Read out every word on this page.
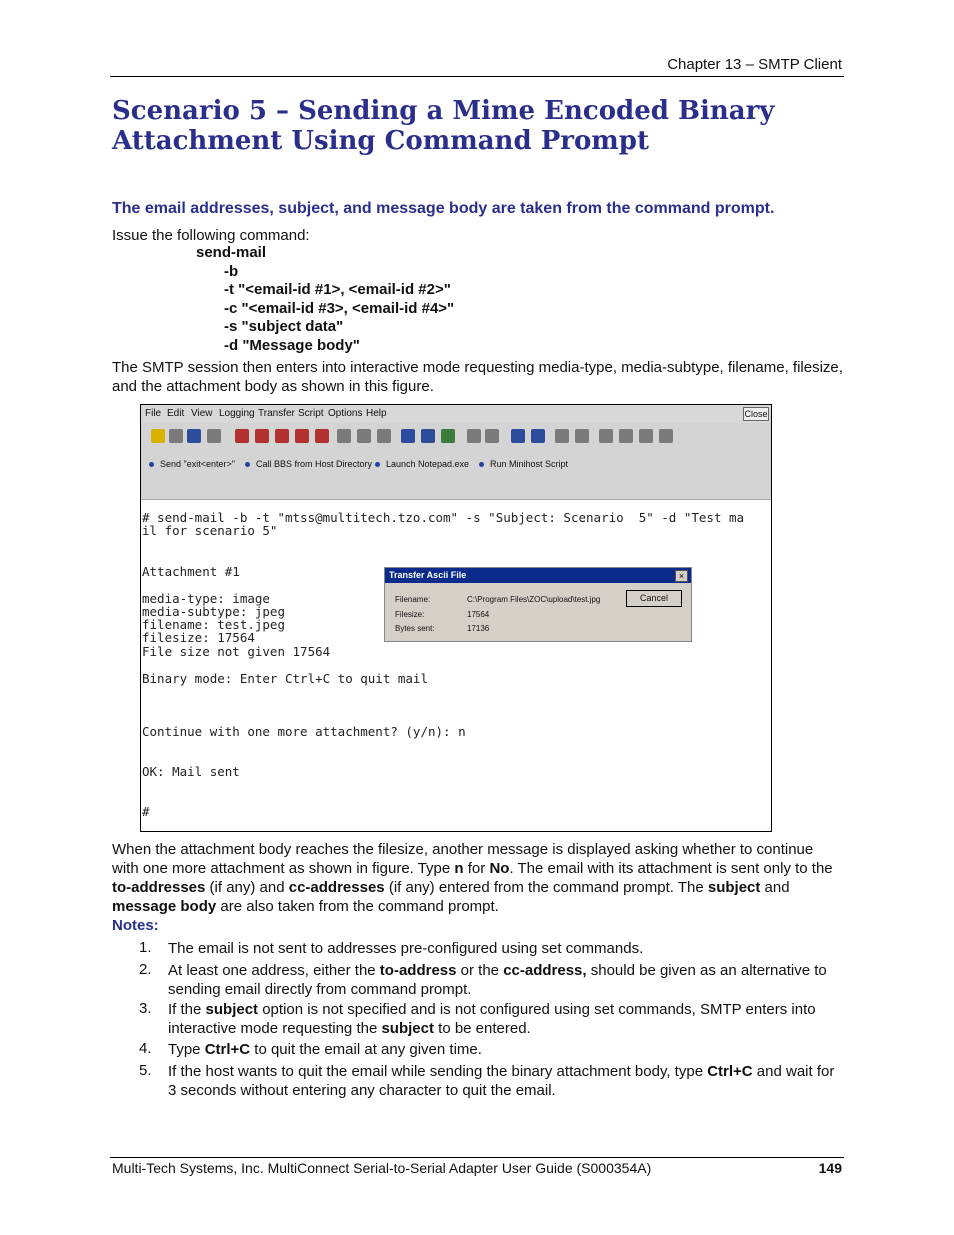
Chapter 13 – SMTP Client
Scenario 5 – Sending a Mime Encoded Binary
Attachment Using Command Prompt
The email addresses, subject, and message body are taken from the command prompt.
Issue the following command:
send-mail
-b
-t "<email-id #1>, <email-id #2>"
-c "<email-id #3>, <email-id #4>"
-s "subject data"
-d "Message body"
The SMTP session then enters into interactive mode requesting media-type, media-subtype, filename, filesize, and the attachment body as shown in this figure.
File Edit View Logging Transfer Script Options Help	Close
Send "exit<enter>"	Call BBS from Host Directory	Launch Notepad.exe	Run Minihost Script
# send-mail -b -t "mtss@multitech.tzo.com" -s "Subject: Scenario  5" -d "Test ma
il for scenario 5"
Attachment #1
media-type: image
media-subtype: jpeg
filename: test.jpeg
filesize: 17564
File size not given 17564
Binary mode: Enter Ctrl+C to quit mail
Continue with one more attachment? (y/n): n
OK: Mail sent
#
Transfer Ascii File	×
Filename:	C:\Program Files\ZOC\upload\test.jpg
Filesize:	17564
Bytes sent:	17136
Cancel
When the attachment body reaches the filesize, another message is displayed asking whether to continue with one more attachment as shown in figure. Type n for No. The email with its attachment is sent only to the to-addresses (if any) and cc-addresses (if any) entered from the command prompt. The subject and message body are also taken from the command prompt.
Notes:
1. The email is not sent to addresses pre-configured using set commands.
2. At least one address, either the to-address or the cc-address, should be given as an alternative to sending email directly from command prompt.
3. If the subject option is not specified and is not configured using set commands, SMTP enters into interactive mode requesting the subject to be entered.
4. Type Ctrl+C to quit the email at any given time.
5. If the host wants to quit the email while sending the binary attachment body, type Ctrl+C and wait for 3 seconds without entering any character to quit the email.
Multi-Tech Systems, Inc. MultiConnect Serial-to-Serial Adapter User Guide (S000354A)	149
